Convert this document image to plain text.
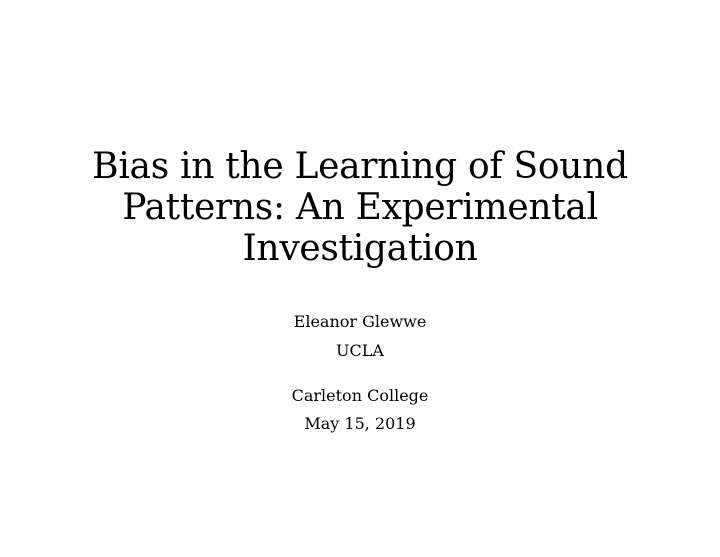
Bias in the Learning of Sound
Patterns: An Experimental
Investigation
Eleanor Glewwe
UCLA
Carleton College
May 15, 2019
